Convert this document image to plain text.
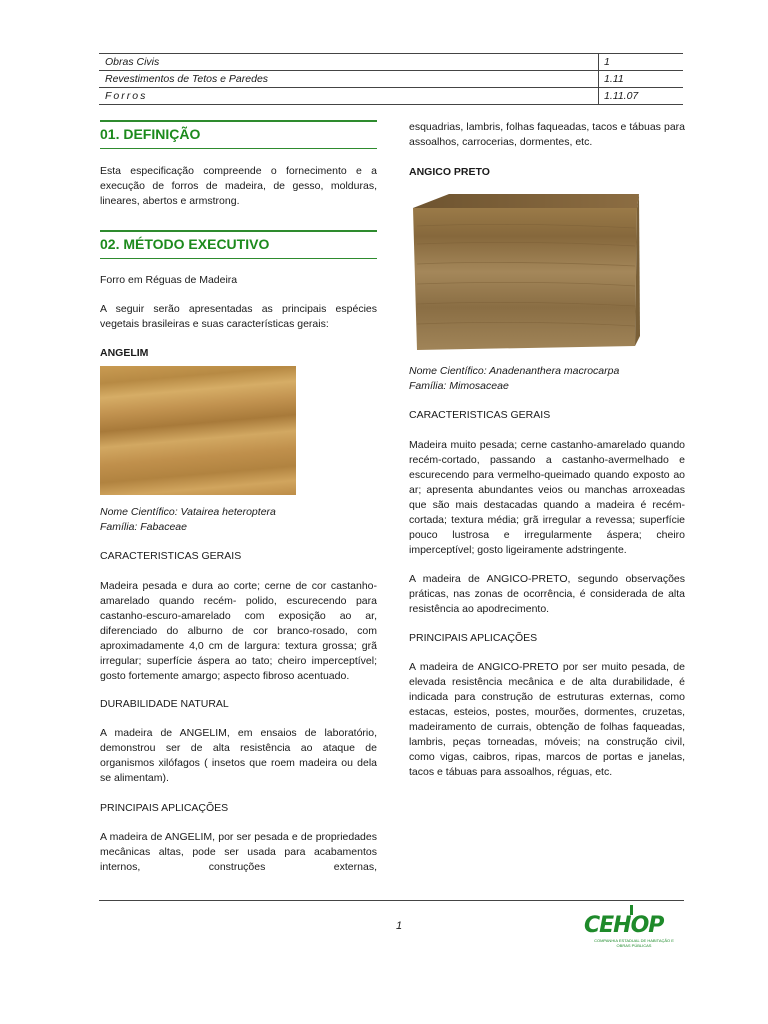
Obras Civis	1
Revestimentos de Tetos e Paredes	1.11
Forros	1.11.07
01. DEFINIÇÃO

Esta especificação compreende o fornecimento e a execução de forros de madeira, de gesso, molduras, lineares, abertos e armstrong.

02. MÉTODO EXECUTIVO

Forro em Réguas de Madeira

A seguir serão apresentadas as principais espécies vegetais brasileiras e suas características gerais:

ANGELIM

Nome Científico: Vatairea heteroptera

Família: Fabaceae

CARACTERISTICAS GERAIS

Madeira pesada e dura ao corte; cerne de cor castanho-amarelado quando recém- polido, escurecendo para castanho-escuro-amarelado com exposição ao ar, diferenciado do alburno de cor branco-rosado, com aproximadamente 4,0 cm de largura: textura grossa; grã irregular; superfície áspera ao tato; cheiro imperceptível; gosto fortemente amargo; aspecto fibroso acentuado.

DURABILIDADE NATURAL

A madeira de ANGELIM, em ensaios de laboratório, demonstrou ser de alta resistência ao ataque de organismos xilófagos ( insetos que roem madeira ou dela se alimentam).

PRINCIPAIS APLICAÇÕES

A madeira de ANGELIM, por ser pesada e de propriedades mecânicas altas, pode ser usada para acabamentos internos, construções externas,

esquadrias, lambris, folhas faqueadas, tacos e tábuas para assoalhos, carrocerias, dormentes, etc.

ANGICO PRETO

Nome Científico: Anadenanthera macrocarpa

Família: Mimosaceae

CARACTERISTICAS GERAIS

Madeira muito pesada; cerne castanho-amarelado quando recém-cortado, passando a castanho-avermelhado e escurecendo para vermelho-queimado quando exposto ao ar; apresenta abundantes veios ou manchas arroxeadas que são mais destacadas quando a madeira é recém-cortada; textura média; grã irregular a revessa; superfície pouco lustrosa e irregularmente áspera; cheiro imperceptível; gosto ligeiramente adstringente.

A madeira de ANGICO-PRETO, segundo observações práticas, nas zonas de ocorrência, é considerada de alta resistência ao apodrecimento.

PRINCIPAIS APLICAÇÕES

A madeira de ANGICO-PRETO por ser muito pesada, de elevada resistência mecânica e de alta durabilidade, é indicada para construção de estruturas externas, como estacas, esteios, postes, mourões, dormentes, cruzetas, madeiramento de currais, obtenção de folhas faqueadas, lambris, peças torneadas, móveis; na construção civil, como vigas, caibros, ripas, marcos de portas e janelas, tacos e tábuas para assoalhos, réguas, etc.

1	CEHOP
COMPANHIA ESTADUAL DE HABITAÇÃO E OBRAS PÚBLICAS
